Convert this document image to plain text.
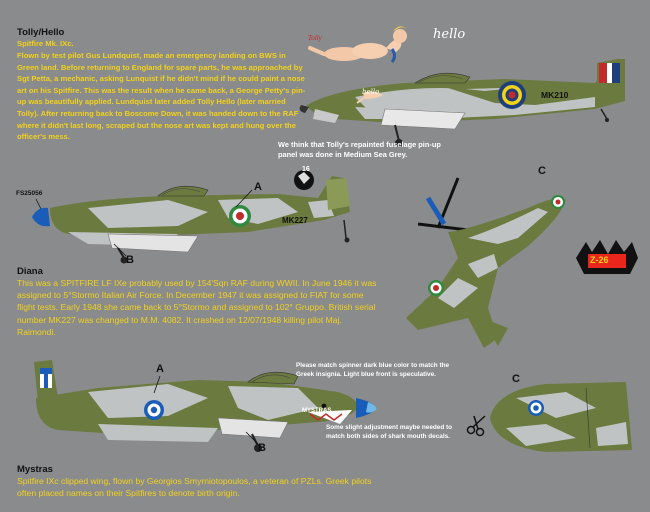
Tolly/Hello
Spitfire Mk. IXc.
Flown by test pilot Gus Lundquist, made an emergency landing on BWS in Green land. Before returning to England for spare parts, he was approached by Sgt Petta, a mechanic, asking Lunquist if he didn't mind if he could paint a nose art on his Spitfire. This was the result when he came back, a George Petty's pin-up was beautifully applied. Lundquist later added Tolly Hello (later married Tolly). After returning back to Boscome Down, it was handed down to the RAF where it didn't last long, scraped but the nose art was kept and hung over the officer's mess.
Tolly	hello
MK210
hello
We think that Tolly's repainted fuselage pin-up panel was done in Medium Sea Grey.
FS25056
MK227
A
B
16	C
Z-26
Diana
This was a SPITFIRE LF IXe probably used by 154'Sqn RAF during WWII. In June 1946 it was assigned to 5°Stormo Italian Air Force. In December 1947 it was assigned to FIAT for some flight tests. Early 1948 she came back to 5°Stormo and assigned to 102° Gruppo. British serial number MK227 was changed to M.M. 4082. It crashed on 12/07/1948 killing pilot Maj. Raimondi.
MYSTRAS
A
B
Please match spinner dark blue color to match the Greek insignia. Light blue front is speculative.
Some slight adjustment maybe needed to match both sides of shark mouth decals.
C
Mystras
Spitfire IXc clipped wing, flown by Georgios Smyrniotopoulos, a veteran of PZLs. Greek pilots often placed names on their Spitfires to denote birth origin.
